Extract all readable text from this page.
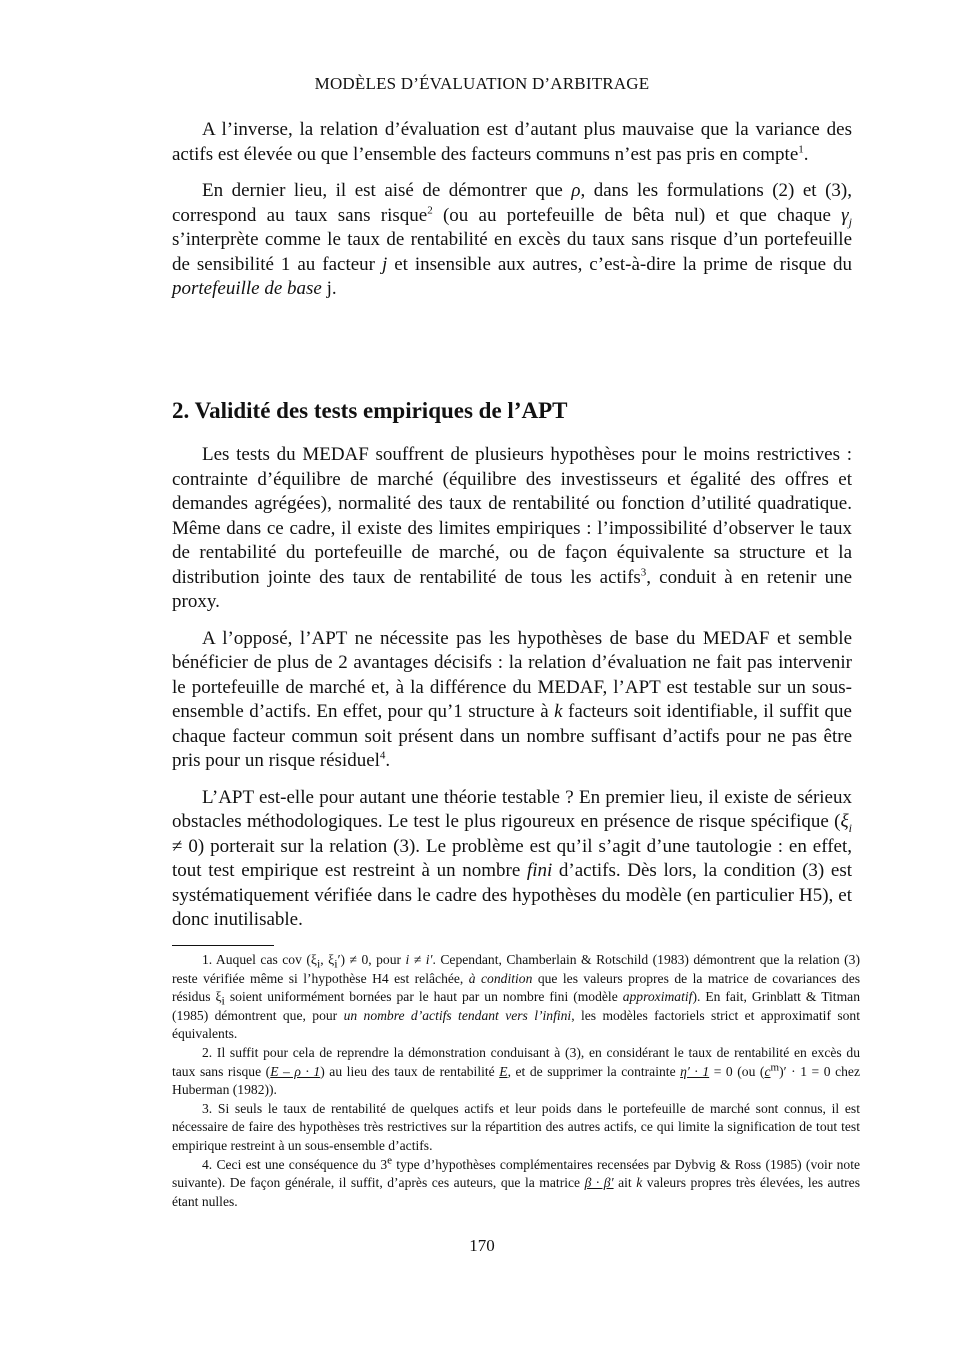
MODÈLES D’ÉVALUATION D’ARBITRAGE

A l’inverse, la relation d’évaluation est d’autant plus mauvaise que la variance des actifs est élevée ou que l’ensemble des facteurs communs n’est pas pris en compte$^1$.

En dernier lieu, il est aisé de démontrer que ρ, dans les formulations (2) et (3), correspond au taux sans risque$^2$ (ou au portefeuille de bêta nul) et que chaque $\gamma_j$ s’interprète comme le taux de rentabilité en excès du taux sans risque d’un portefeuille de sensibilité 1 au facteur j et insensible aux autres, c’est-à-dire la prime de risque du portefeuille de base j.

2. Validité des tests empiriques de l’APT

Les tests du MEDAF souffrent de plusieurs hypothèses pour le moins restrictives : contrainte d’équilibre de marché (équilibre des investisseurs et égalité des offres et demandes agrégées), normalité des taux de rentabilité ou fonction d’utilité quadratique. Même dans ce cadre, il existe des limites empiriques : l’impossibilité d’observer le taux de rentabilité du portefeuille de marché, ou de façon équivalente sa structure et la distribution jointe des taux de rentabilité de tous les actifs$^3$, conduit à en retenir une proxy.

A l’opposé, l’APT ne nécessite pas les hypothèses de base du MEDAF et semble bénéficier de plus de 2 avantages décisifs : la relation d’évaluation ne fait pas intervenir le portefeuille de marché et, à la différence du MEDAF, l’APT est testable sur un sous-ensemble d’actifs. En effet, pour qu’1 structure à k facteurs soit identifiable, il suffit que chaque facteur commun soit présent dans un nombre suffisant d’actifs pour ne pas être pris pour un risque résiduel$^4$.

L’APT est-elle pour autant une théorie testable ? En premier lieu, il existe de sérieux obstacles méthodologiques. Le test le plus rigoureux en présence de risque spécifique $(\xi_i \ne 0)$ porterait sur la relation (3). Le problème est qu’il s’agit d’une tautologie : en effet, tout test empirique est restreint à un nombre fini d’actifs. Dès lors, la condition (3) est systématiquement vérifiée dans le cadre des hypothèses du modèle (en particulier H5), et donc inutilisable.

1. Auquel cas cov ($\xi_i$, $\xi_i') \ne 0$, pour i ≠ i′. Cependant, Chamberlain & Rotschild (1983) démontrent que la relation (3) reste vérifiée même si l’hypothèse H4 est relâchée, à condition que les valeurs propres de la matrice de covariances des résidus $\xi_i$ soient uniformément bornées par le haut par un nombre fini (modèle approximatif). En fait, Grinblatt & Titman (1985) démontrent que, pour un nombre d’actifs tendant vers l’infini, les modèles factoriels strict et approximatif sont équivalents.

2. Il suffit pour cela de reprendre la démonstration conduisant à (3), en considérant le taux de rentabilité en excès du taux sans risque (E – ρ · 1) au lieu des taux de rentabilité E, et de supprimer la contrainte η′ · 1 = 0 (ou $(c^m)' \cdot 1 = 0$ chez Huberman (1982)).

3. Si seuls le taux de rentabilité de quelques actifs et leur poids dans le portefeuille de marché sont connus, il est nécessaire de faire des hypothèses très restrictives sur la répartition des autres actifs, ce qui limite la signification de tout test empirique restreint à un sous-ensemble d’actifs.

4. Ceci est une conséquence du 3e type d’hypothèses complémentaires recensées par Dybvig & Ross (1985) (voir note suivante). De façon générale, il suffit, d’après ces auteurs, que la matrice β · β′ ait k valeurs propres très élevées, les autres étant nulles.

170
